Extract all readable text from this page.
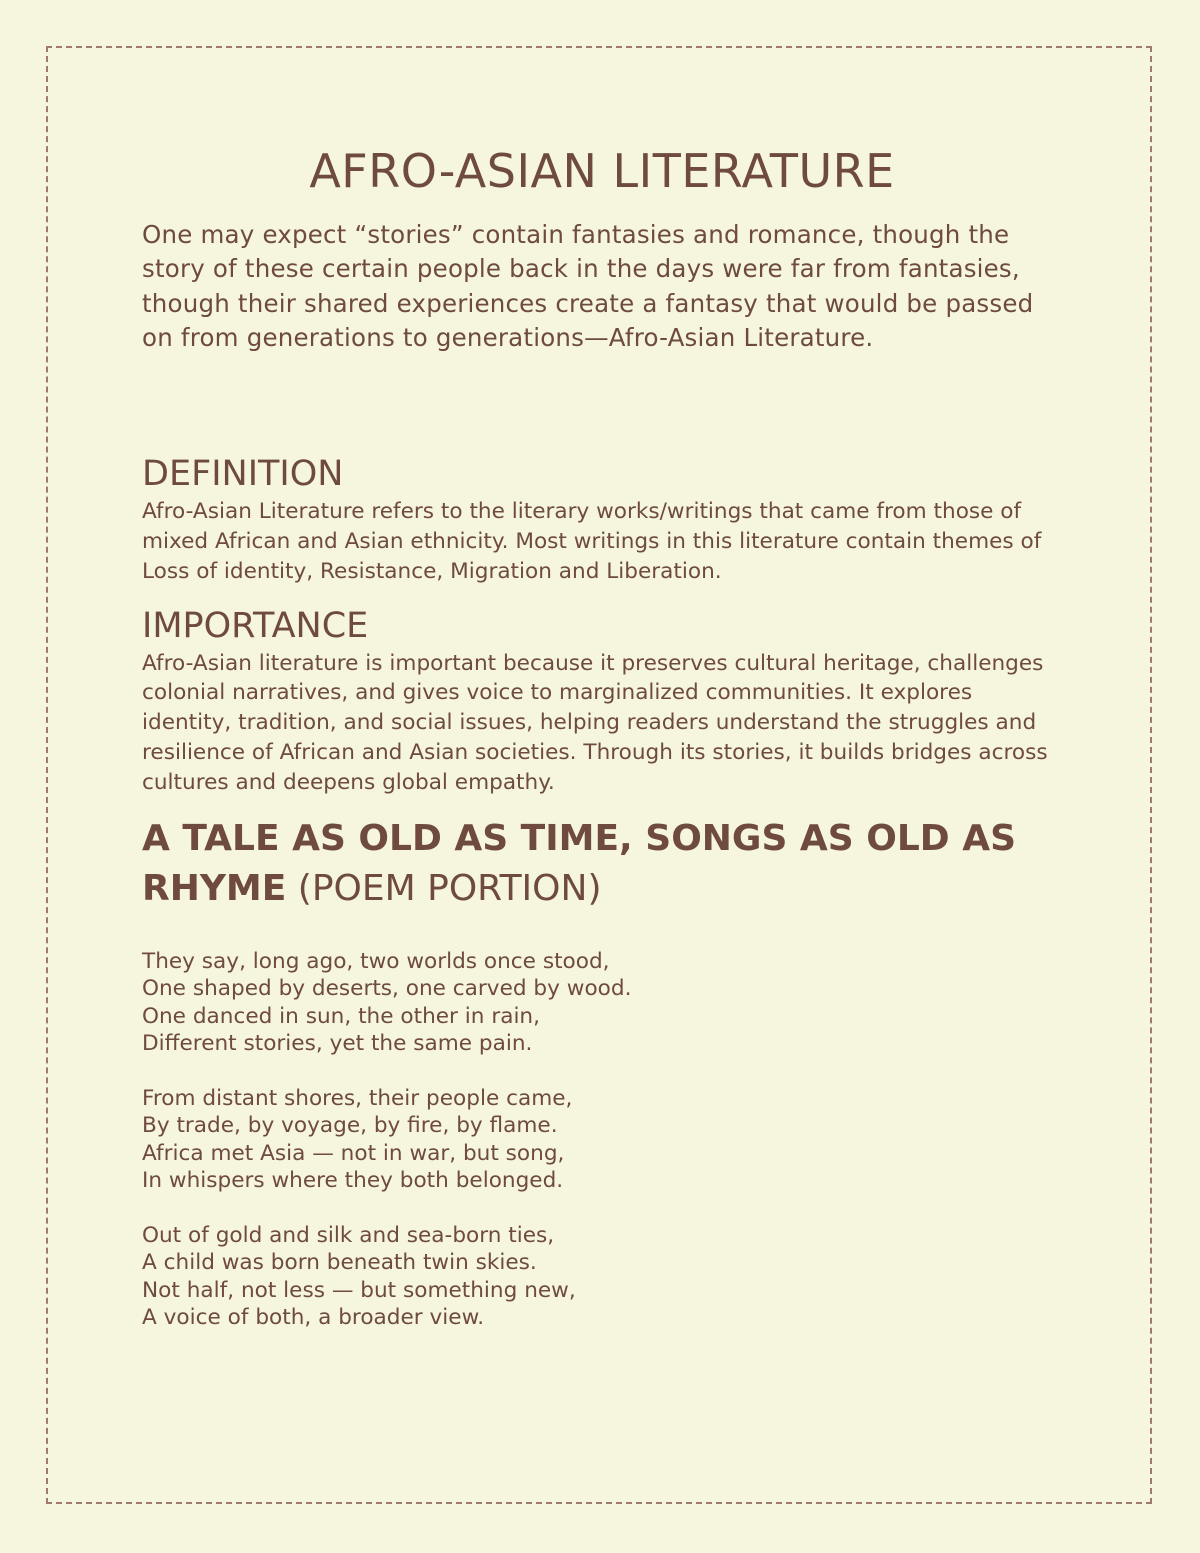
AFRO-ASIAN LITERATURE

One may expect “stories” contain fantasies and romance, though the story of these certain people back in the days were far from fantasies, though their shared experiences create a fantasy that would be passed on from generations to generations—Afro-Asian Literature.

DEFINITION

Afro-Asian Literature refers to the literary works/writings that came from those of mixed African and Asian ethnicity. Most writings in this literature contain themes of Loss of identity, Resistance, Migration and Liberation.

IMPORTANCE

Afro-Asian literature is important because it preserves cultural heritage, challenges colonial narratives, and gives voice to marginalized communities. It explores identity, tradition, and social issues, helping readers understand the struggles and resilience of African and Asian societies. Through its stories, it builds bridges across cultures and deepens global empathy.

A TALE AS OLD AS TIME, SONGS AS OLD AS RHYME (POEM PORTION)
They say, long ago, two worlds once stood,
One shaped by deserts, one carved by wood.
One danced in sun, the other in rain,
Different stories, yet the same pain.
From distant shores, their people came,
By trade, by voyage, by fire, by flame.
Africa met Asia — not in war, but song,
In whispers where they both belonged.
Out of gold and silk and sea-born ties,
A child was born beneath twin skies.
Not half, not less — but something new,
A voice of both, a broader view.
